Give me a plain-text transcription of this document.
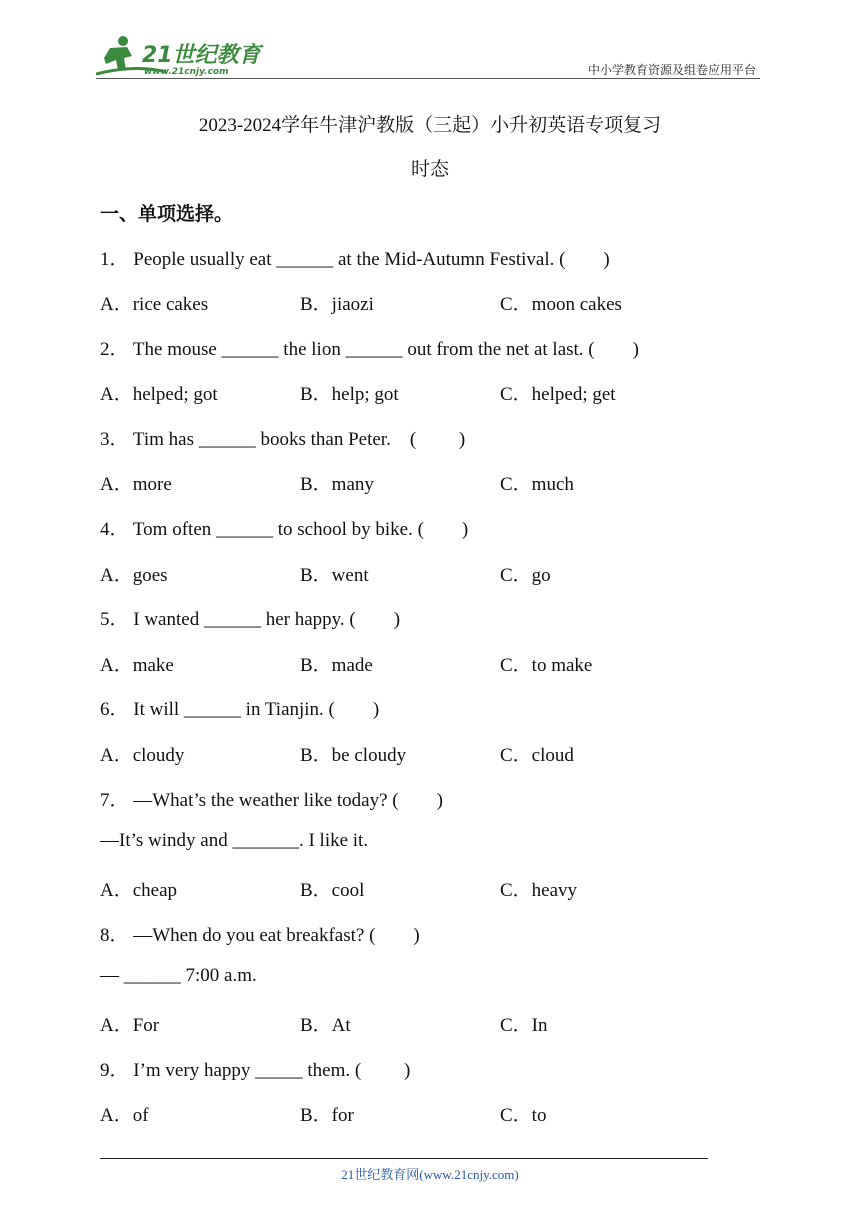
21世纪教育
www.21cnjy.com	中小学教育资源及组卷应用平台
2023-2024学年牛津沪教版（三起）小升初英语专项复习
时态
一、单项选择。
1． People usually eat ______ at the Mid-Autumn Festival. (        )
A．rice cakes	B．jiaozi	C．moon cakes
2． The mouse ______ the lion ______ out from the net at last. (        )
A．helped; got	B．help; got	C．helped; get
3． Tim has ______ books than Peter.    (         )
A．more	B．many	C．much
4． Tom often ______ to school by bike. (        )
A．goes	B．went	C．go
5． I wanted ______ her happy. (        )
A．make	B．made	C．to make
6． It will ______ in Tianjin. (        )
A．cloudy	B．be cloudy	C．cloud
7． —What’s the weather like today? (        )
—It’s windy and _______. I like it.
A．cheap	B．cool	C．heavy
8． —When do you eat breakfast? (        )
— ______ 7:00 a.m.
A．For	B．At	C．In
9． I’m very happy _____ them. (         )
A．of	B．for	C．to
21世纪教育网(www.21cnjy.com)
